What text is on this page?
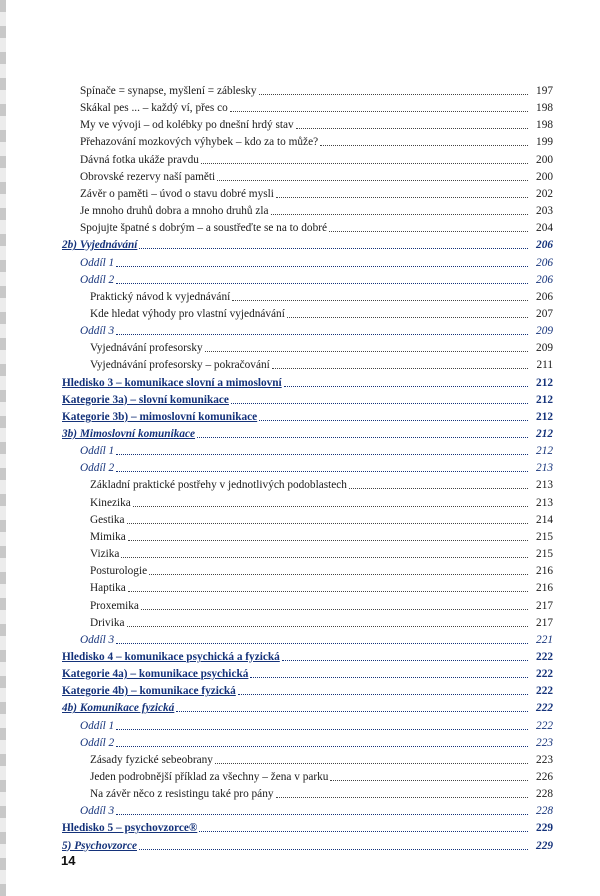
Spínače = synapse, myšlení = záblesky	197
Skákal pes ... – každý ví, přes co	198
My ve vývoji – od kolébky po dnešní hrdý stav	198
Přehazování mozkových výhybek – kdo za to může?	199
Dávná fotka ukáže pravdu	200
Obrovské rezervy naší paměti	200
Závěr o paměti – úvod o stavu dobré mysli	202
Je mnoho druhů dobra a mnoho druhů zla	203
Spojujte špatné s dobrým – a soustřeďte se na to dobré	204
2b) Vyjednávání	206
Oddíl 1	206
Oddíl 2	206
Praktický návod k vyjednávání	206
Kde hledat výhody pro vlastní vyjednávání	207
Oddíl 3	209
Vyjednávání profesorsky	209
Vyjednávání profesorsky – pokračování	211
Hledisko 3 – komunikace slovní a mimoslovní	212
Kategorie 3a) – slovní komunikace	212
Kategorie 3b) – mimoslovní komunikace	212
3b) Mimoslovní komunikace	212
Oddíl 1	212
Oddíl 2	213
Základní praktické postřehy v jednotlivých podoblastech	213
Kinezika	213
Gestika	214
Mimika	215
Vizika	215
Posturologie	216
Haptika	216
Proxemika	217
Drivika	217
Oddíl 3	221
Hledisko 4 – komunikace psychická a fyzická	222
Kategorie 4a) – komunikace psychická	222
Kategorie 4b) – komunikace fyzická	222
4b) Komunikace fyzická	222
Oddíl 1	222
Oddíl 2	223
Zásady fyzické sebeobrany	223
Jeden podrobnější příklad za všechny – žena v parku	226
Na závěr něco z resistingu také pro pány	228
Oddíl 3	228
Hledisko 5 – psychovzorce®	229
5) Psychovzorce	229
14
